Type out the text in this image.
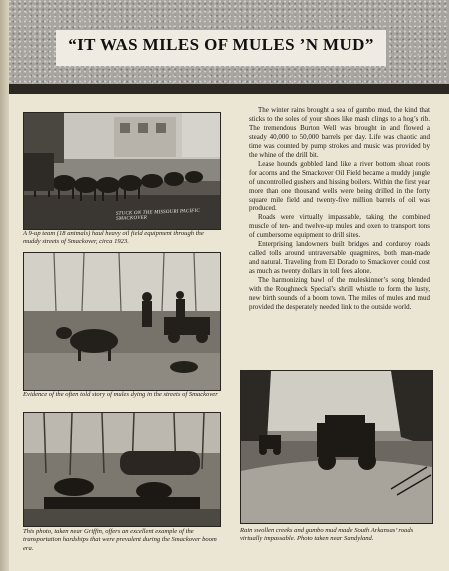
“IT WAS MILES OF MULES ’N MUD”
STUCK ON THE MISSOURI PACIFIC SMACKOVER
A 9-up team (18 animals) haul heavy oil field equipment through the muddy streets of Smackover, circa 1923.
Evidence of the often told story of mules dying in the streets of Smackover
This photo, taken near Griffin, offers an excellent example of the transportation hardships that were prevalent during the Smackover boom era.

The winter rains brought a sea of gumbo mud, the kind that sticks to the soles of your shoes like mash clings to a hog’s rib. The tremendous Burton Well was brought in and flowed a steady 40,000 to 50,000 barrels per day. Life was chaotic and time was counted by pump strokes and music was provided by the whine of the drill bit.

Lease hounds gobbled land like a river bottom shoat roots for acorns and the Smackover Oil Field became a muddy jungle of uncontrolled gushers and hissing boilers. Within the first year more than one thousand wells were being drilled in the forty square mile field and twenty-five million barrels of oil was produced.

Roads were virtually impassable, taking the combined muscle of ten- and twelve-up mules and oxen to transport tons of cumbersome equipment to drill sites.

Enterprising landowners built bridges and corduroy roads called tolls around untraversable quagmires, both man-made and natural. Traveling from El Dorado to Smackover could cost as much as twenty dollars in toll fees alone.

The harmonizing bawl of the muleskinner’s song blended with the Roughneck Special’s shrill whistle to form the lusty, new birth sounds of a boom town. The miles of mules and mud provided the desperately needed link to the outside world.

Rain swollen creeks and gumbo mud made South Arkansas’ roads virtually impassable. Photo taken near Sandyland.
